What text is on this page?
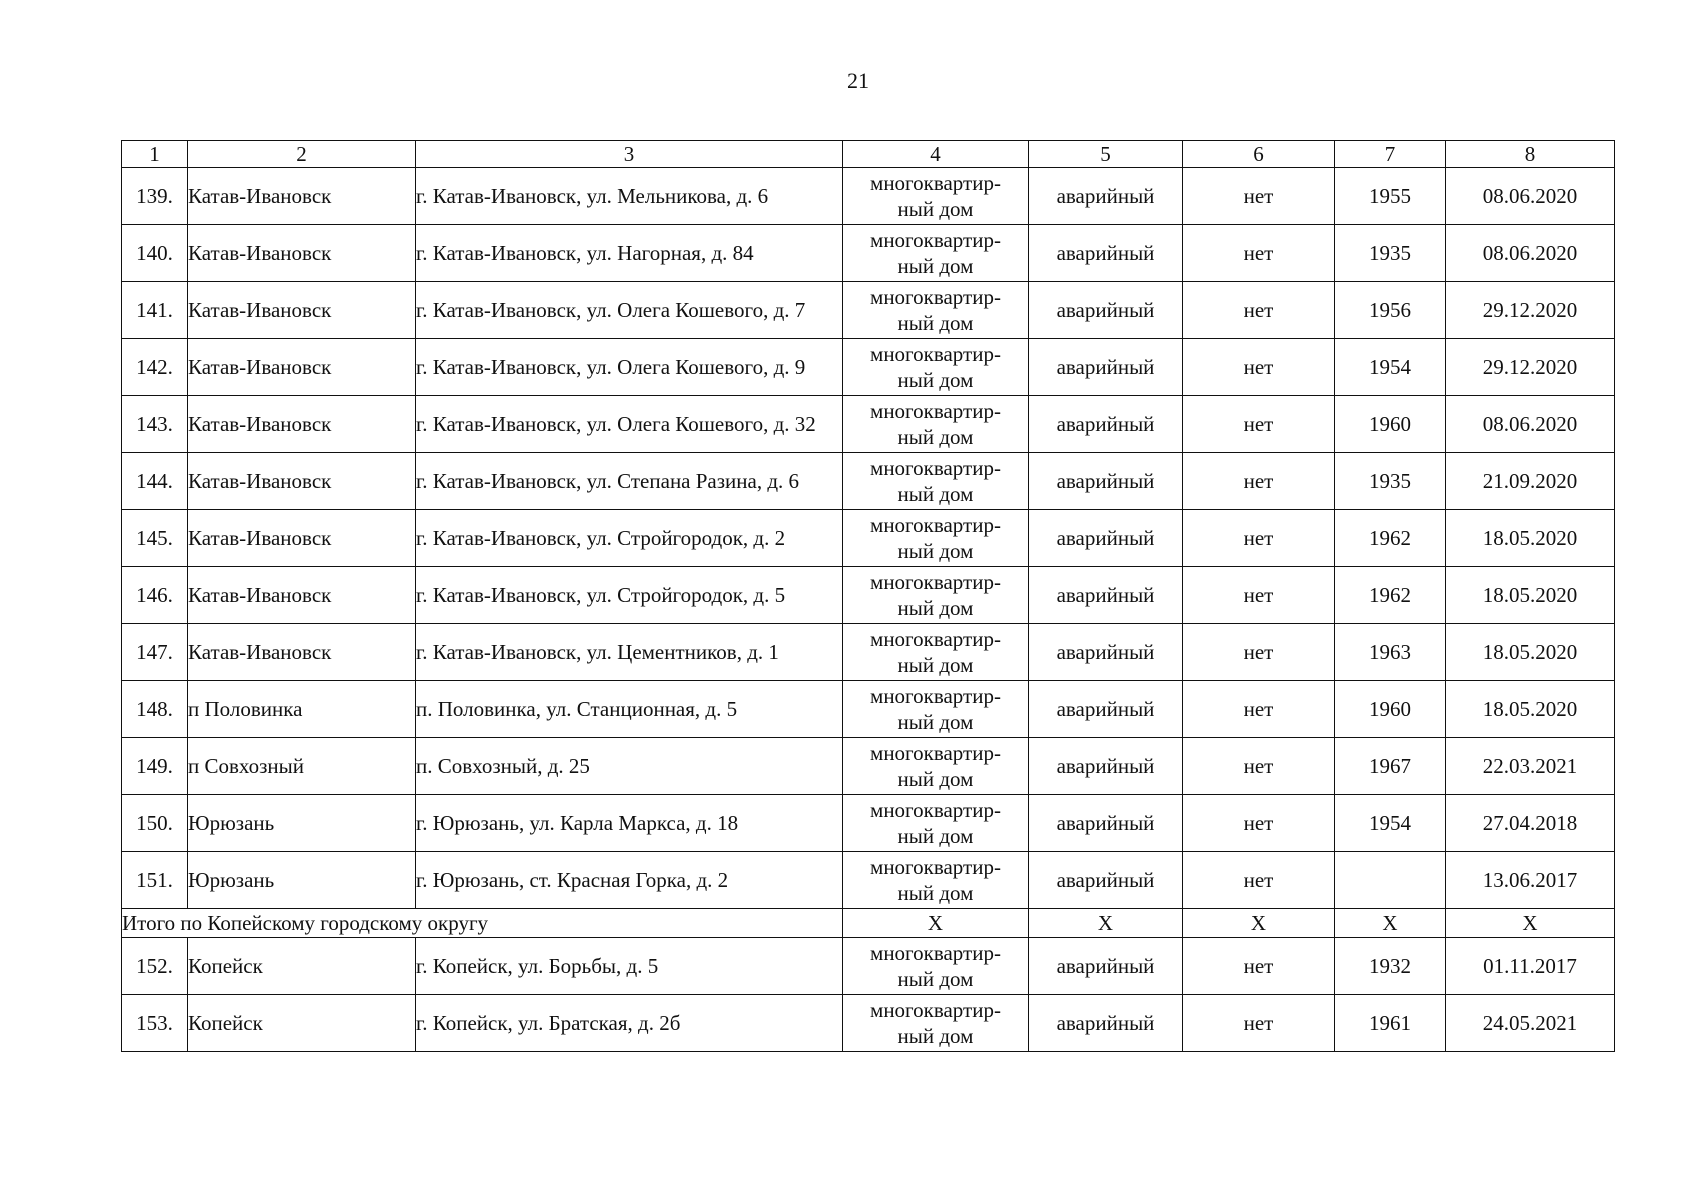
21
1	2	3	4	5	6	7	8
139.	Катав-Ивановск	г. Катав-Ивановск, ул. Мельникова, д. 6	многоквартир-
ный дом	аварийный	нет	1955	08.06.2020
140.	Катав-Ивановск	г. Катав-Ивановск, ул. Нагорная, д. 84	многоквартир-
ный дом	аварийный	нет	1935	08.06.2020
141.	Катав-Ивановск	г. Катав-Ивановск, ул. Олега Кошевого, д. 7	многоквартир-
ный дом	аварийный	нет	1956	29.12.2020
142.	Катав-Ивановск	г. Катав-Ивановск, ул. Олега Кошевого, д. 9	многоквартир-
ный дом	аварийный	нет	1954	29.12.2020
143.	Катав-Ивановск	г. Катав-Ивановск, ул. Олега Кошевого, д. 32	многоквартир-
ный дом	аварийный	нет	1960	08.06.2020
144.	Катав-Ивановск	г. Катав-Ивановск, ул. Степана Разина, д. 6	многоквартир-
ный дом	аварийный	нет	1935	21.09.2020
145.	Катав-Ивановск	г. Катав-Ивановск, ул. Стройгородок, д. 2	многоквартир-
ный дом	аварийный	нет	1962	18.05.2020
146.	Катав-Ивановск	г. Катав-Ивановск, ул. Стройгородок, д. 5	многоквартир-
ный дом	аварийный	нет	1962	18.05.2020
147.	Катав-Ивановск	г. Катав-Ивановск, ул. Цементников, д. 1	многоквартир-
ный дом	аварийный	нет	1963	18.05.2020
148.	п Половинка	п. Половинка, ул. Станционная, д. 5	многоквартир-
ный дом	аварийный	нет	1960	18.05.2020
149.	п Совхозный	п. Совхозный, д. 25	многоквартир-
ный дом	аварийный	нет	1967	22.03.2021
150.	Юрюзань	г. Юрюзань, ул. Карла Маркса, д. 18	многоквартир-
ный дом	аварийный	нет	1954	27.04.2018
151.	Юрюзань	г. Юрюзань, ст. Красная Горка, д. 2	многоквартир-
ный дом	аварийный	нет		13.06.2017
Итого по Копейскому городскому округу			X	X	X	X	X
152.	Копейск	г. Копейск, ул. Борьбы, д. 5	многоквартир-
ный дом	аварийный	нет	1932	01.11.2017
153.	Копейск	г. Копейск, ул. Братская, д. 2б	многоквартир-
ный дом	аварийный	нет	1961	24.05.2021
